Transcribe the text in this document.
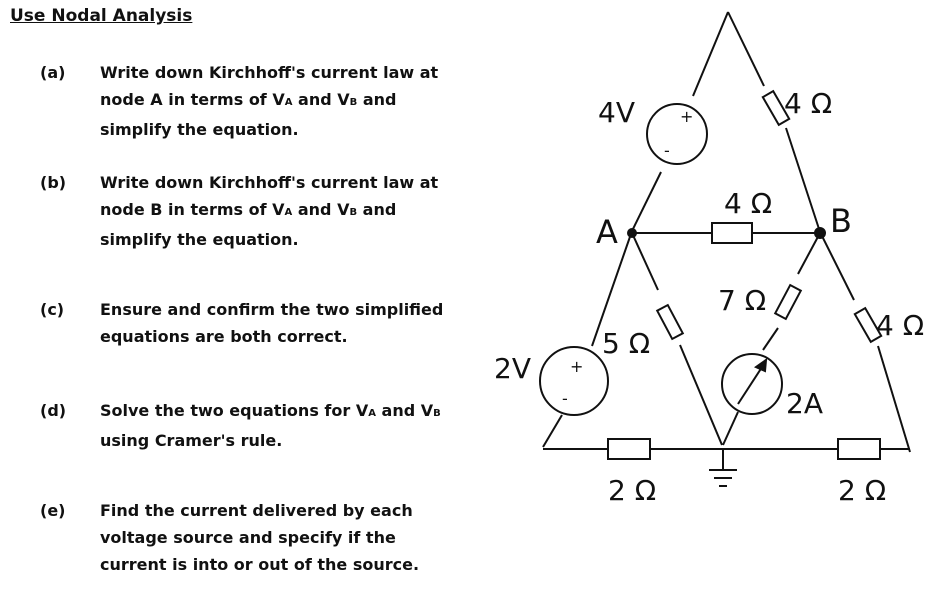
Use Nodal Analysis
(a)	Write down Kirchhoff's current law at
node A in terms of VA and VB and
simplify the equation.
(b)	Write down Kirchhoff's current law at
node B in terms of VA and VB and
simplify the equation.
(c)	Ensure and confirm the two simplified
equations are both correct.
(d)	Solve the two equations for VA and VB
using Cramer's rule.
(e)	Find the current delivered by each
voltage source and specify if the
current is into or out of the source.
+
-
4V
+
-
2V
4 Ω
4 Ω
4 Ω
A	B
5 Ω
7 Ω
2A
2 Ω	2 Ω
